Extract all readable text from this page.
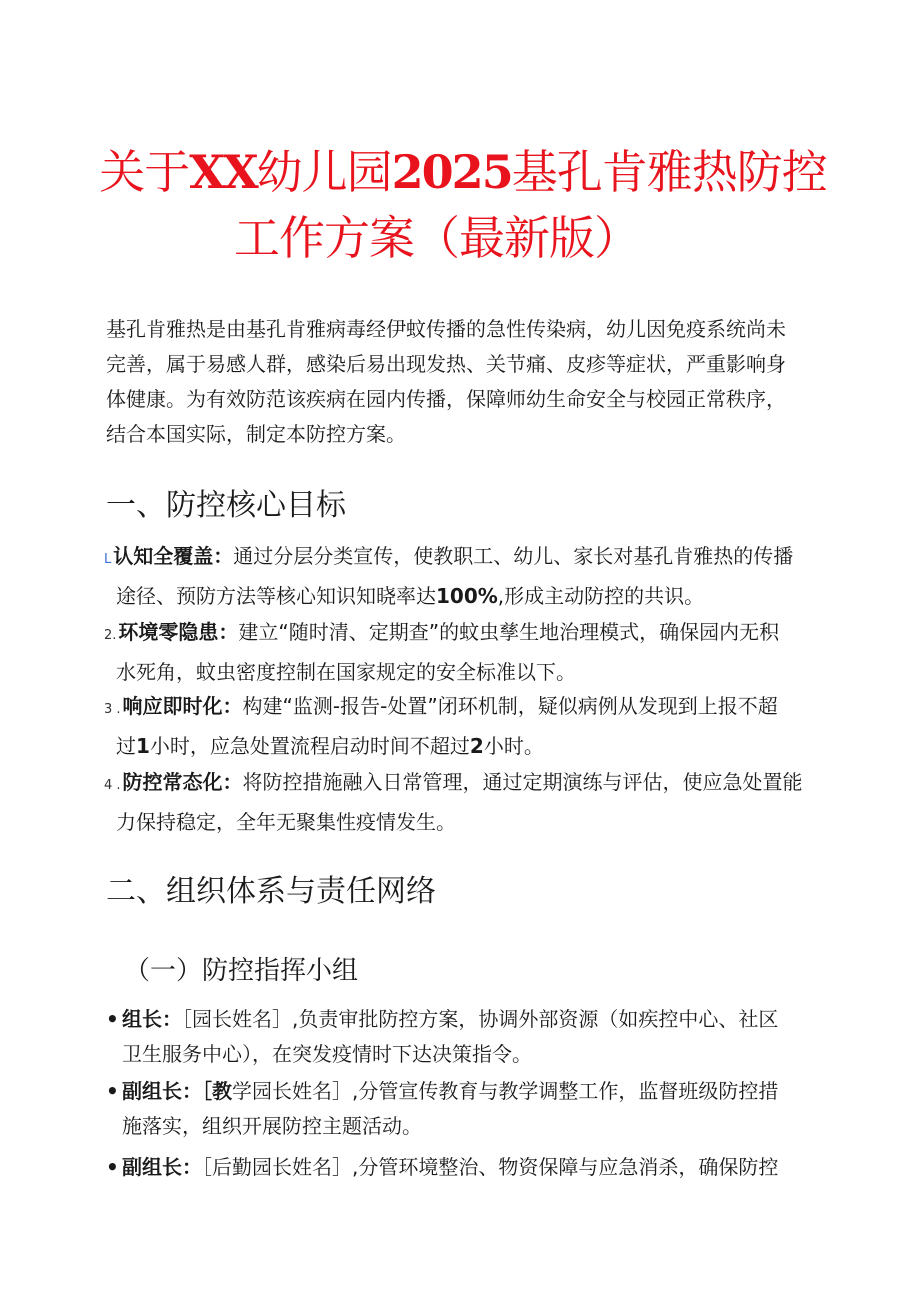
关于XX幼儿园2025基孔肯雅热防控
工作方案（最新版）
基孔肯雅热是由基孔肯雅病毒经伊蚊传播的急性传染病，幼儿因免疫系统尚未完善，属于易感人群，感染后易出现发热、关节痛、皮疹等症状，严重影响身体健康。为有效防范该疾病在园内传播，保障师幼生命安全与校园正常秩序，结合本国实际，制定本防控方案。
一、防控核心目标
L 认知全覆盖：通过分层分类宣传，使教职工、幼儿、家长对基孔肯雅热的传播
途径、预防方法等核心知识知晓率达100%,形成主动防控的共识。
2. 环境零隐患：建立“随时清、定期查”的蚊虫孳生地治理模式，确保园内无积
水死角，蚊虫密度控制在国家规定的安全标准以下。
3 . 响应即时化：构建“监测-报告-处置”闭环机制，疑似病例从发现到上报不超
过1小时，应急处置流程启动时间不超过2小时。
4 . 防控常态化：将防控措施融入日常管理，通过定期演练与评估，使应急处置能
力保持稳定，全年无聚集性疫情发生。
二、组织体系与责任网络
（一）防控指挥小组
• 组长：［园长姓名］,负责审批防控方案，协调外部资源（如疾控中心、社区
卫生服务中心），在突发疫情时下达决策指令。
• 副组长：［教学园长姓名］,分管宣传教育与教学调整工作，监督班级防控措
施落实，组织开展防控主题活动。
• 副组长：［后勤园长姓名］,分管环境整治、物资保障与应急消杀，确保防控
